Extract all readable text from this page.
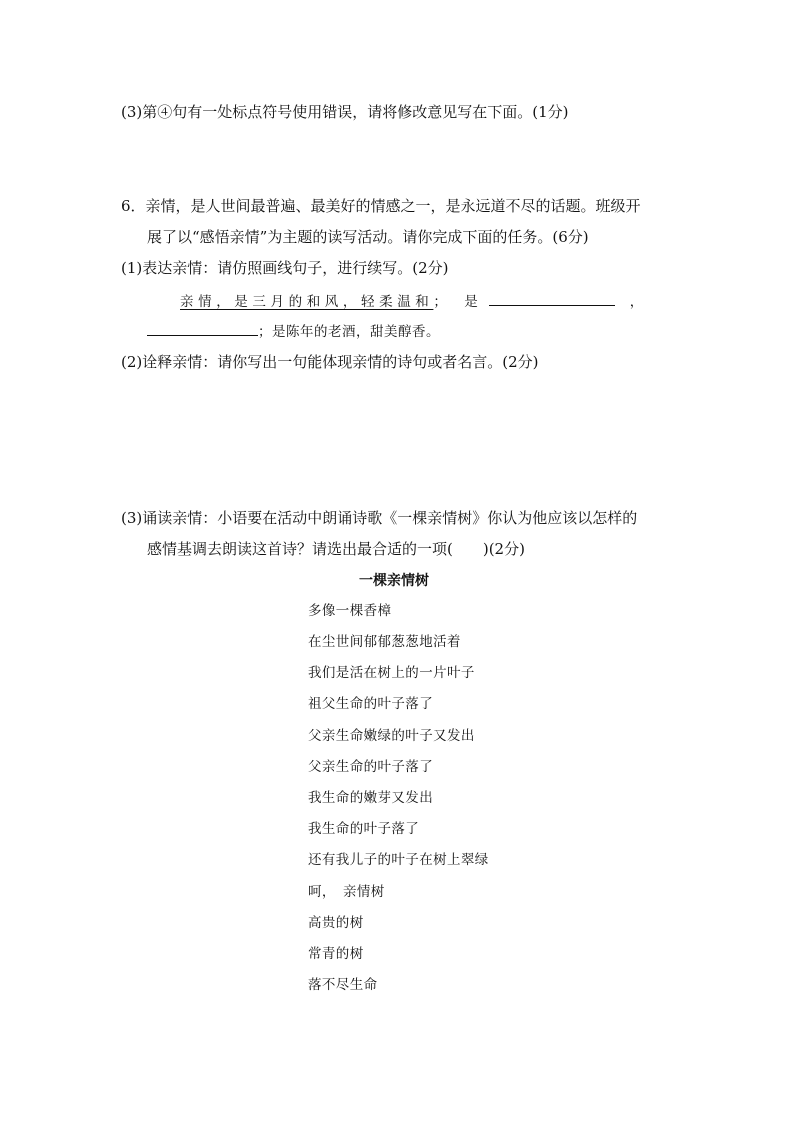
(3)第④句有一处标点符号使用错误，请将修改意见写在下面。(1分)
6．亲情，是人世间最普遍、最美好的情感之一，是永远道不尽的话题。班级开
展了以“感悟亲情”为主题的读写活动。请你完成下面的任务。(6分)
(1)表达亲情：请仿照画线句子，进行续写。(2分)
亲情，是三月的和风，轻柔温和； 是	，
；是陈年的老酒，甜美醇香。
(2)诠释亲情：请你写出一句能体现亲情的诗句或者名言。(2分)
(3)诵读亲情：小语要在活动中朗诵诗歌《一棵亲情树》你认为他应该以怎样的
感情基调去朗读这首诗？请选出最合适的一项(　　)(2分)
一棵亲情树
多像一棵香樟
在尘世间郁郁葱葱地活着
我们是活在树上的一片叶子
祖父生命的叶子落了
父亲生命嫩绿的叶子又发出
父亲生命的叶子落了
我生命的嫩芽又发出
我生命的叶子落了
还有我儿子的叶子在树上翠绿
呵，　亲情树
高贵的树
常青的树
落不尽生命
